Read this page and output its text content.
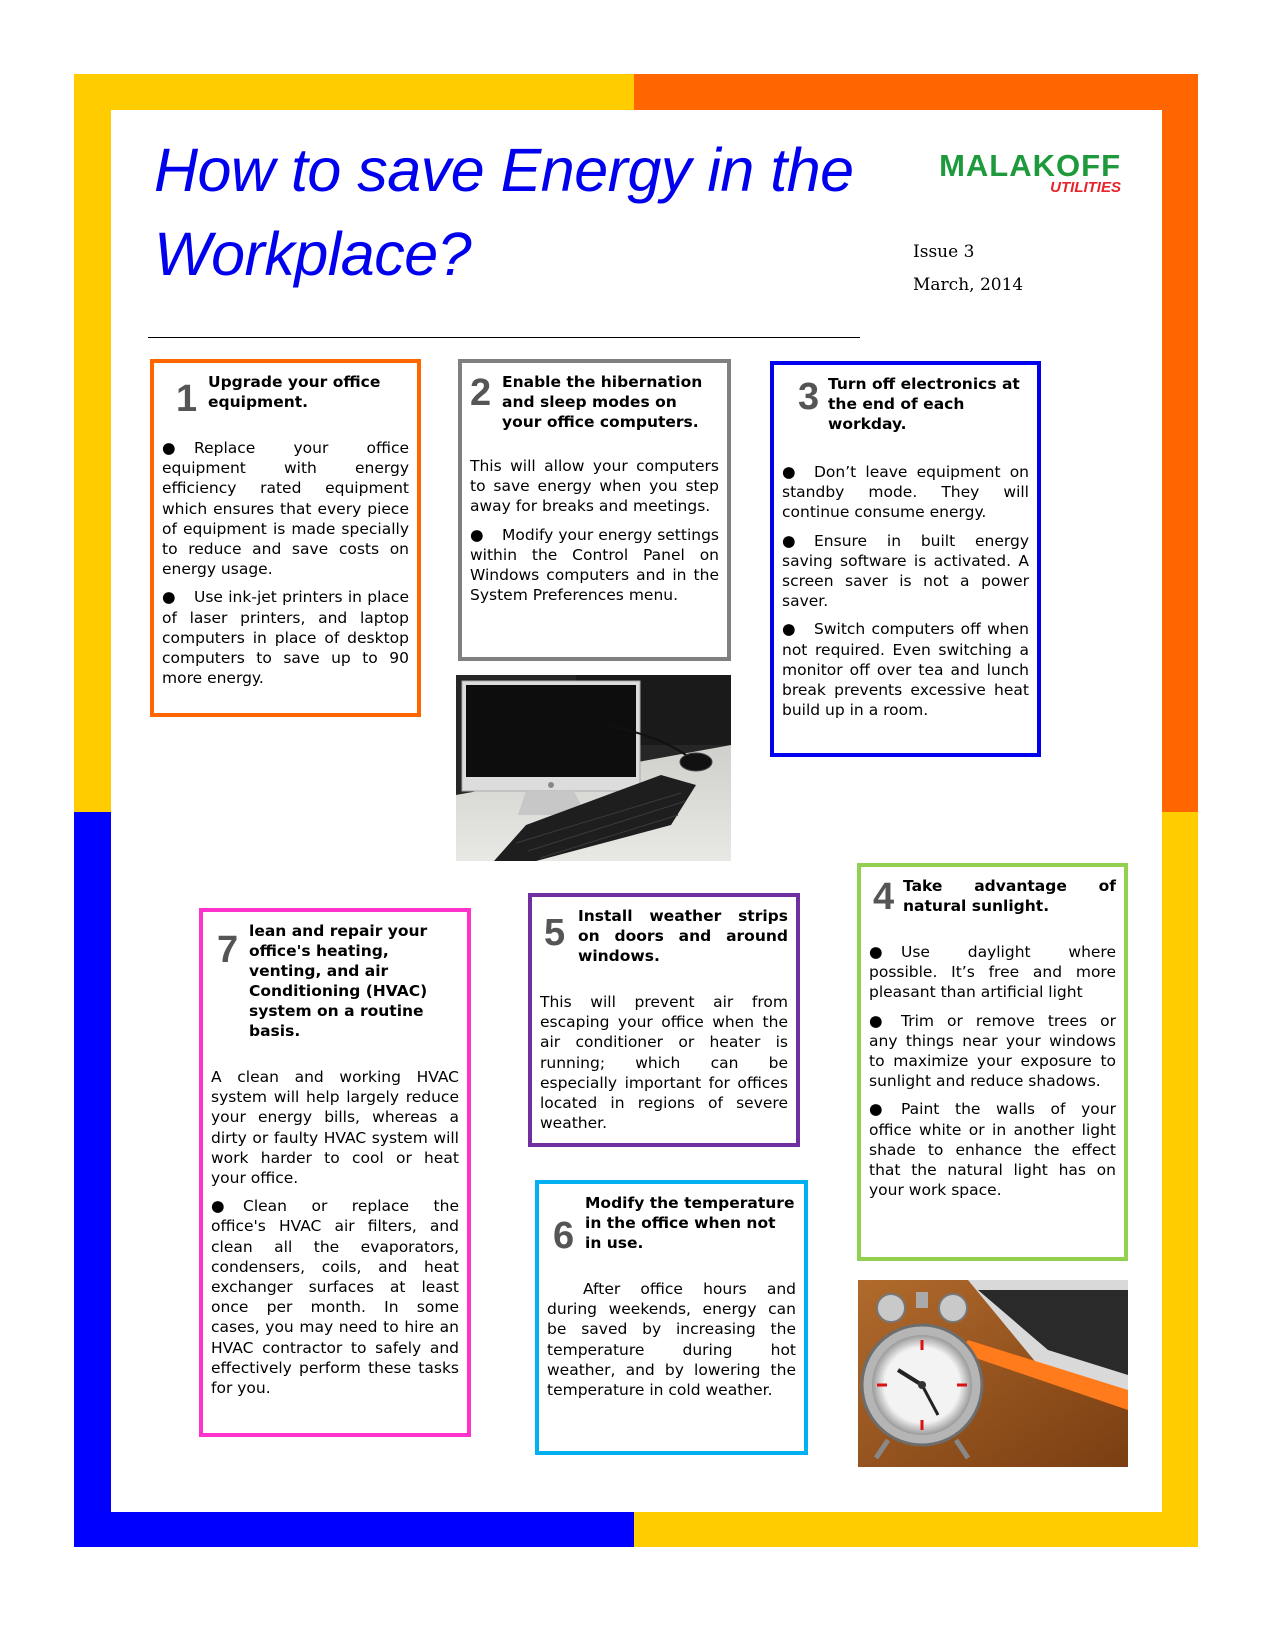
How to save Energy in the Workplace?
MALAKOFF
UTILITIES
Issue 3
March, 2014
1 Upgrade your office equipment.

● Replace your office equipment with energy efficiency rated equipment which ensures that every piece of equipment is made specially to reduce and save costs on energy usage.

● Use ink-jet printers in place of laser printers, and laptop computers in place of desktop computers to save up to 90 more energy.

2 Enable the hibernation and sleep modes on your office computers.

This will allow your computers to save energy when you step away for breaks and meetings.

● Modify your energy settings within the Control Panel on Windows computers and in the System Preferences menu.

3 Turn off electronics at the end of each workday.

● Don’t leave equipment on standby mode. They will continue consume energy.

● Ensure in built energy saving software is activated. A screen saver is not a power saver.

● Switch computers off when not required. Even switching a monitor off over tea and lunch break prevents excessive heat build up in a room.

4 Take advantage of natural sunlight.

● Use daylight where possible. It’s free and more pleasant than artificial light

● Trim or remove trees or any things near your windows to maximize your exposure to sunlight and reduce shadows.

● Paint the walls of your office white or in another light shade to enhance the effect that the natural light has on your work space.

5 Install weather strips on doors and around windows.

This will prevent air from escaping your office when the air conditioner or heater is running; which can be especially important for offices located in regions of severe weather.

6
Modify the temperature in the office when not in use.

After office hours and during weekends, energy can be saved by increasing the temperature during hot weather, and by lowering the temperature in cold weather.

7 lean and repair your office's heating, venting, and air Conditioning (HVAC) system on a routine basis.

A clean and working HVAC system will help largely reduce your energy bills, whereas a dirty or faulty HVAC system will work harder to cool or heat your office.

● Clean or replace the office's HVAC air filters, and clean all the evaporators, condensers, coils, and heat exchanger surfaces at least once per month. In some cases, you may need to hire an HVAC contractor to safely and effectively perform these tasks for you.
